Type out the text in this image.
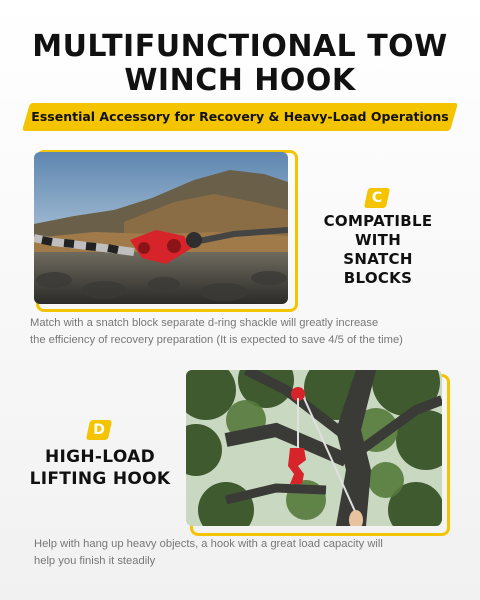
MULTIFUNCTIONAL TOW
WINCH HOOK
Essential Accessory for Recovery & Heavy-Load Operations
C
COMPATIBLE
WITH
SNATCH BLOCKS
Match with a snatch block separate d-ring shackle will greatly increase
the efficiency of recovery preparation (It is expected to save 4/5 of the time)
D
HIGH-LOAD
LIFTING HOOK
Help with hang up heavy objects, a hook with a great load capacity will
help you finish it steadily
